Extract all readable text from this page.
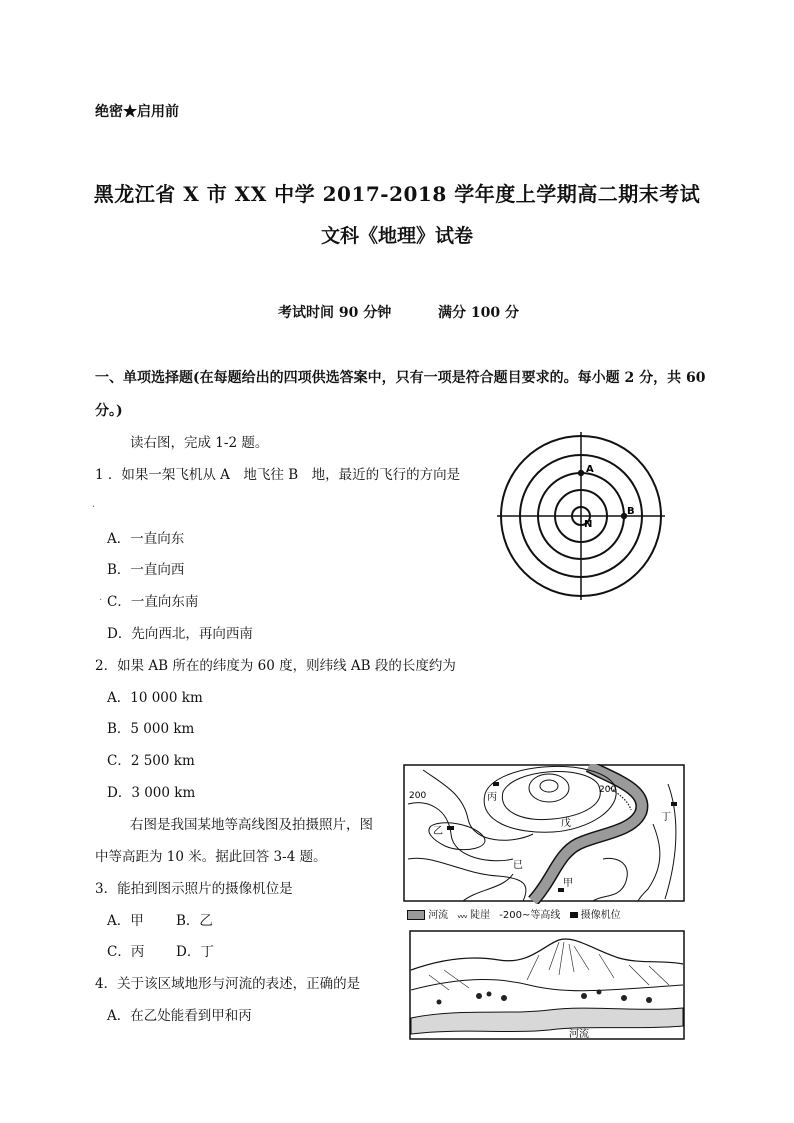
绝密★启用前
黑龙江省 X 市 XX 中学 2017-2018 学年度上学期高二期末考试
文科《地理》试卷
考试时间 90 分钟	满分 100 分
一、单项选择题(在每题给出的四项供选答案中，只有一项是符合题目要求的。每小题 2 分，共 60
分。)
读右图，完成 1-2 题。
1 ．如果一架飞机从 A　地飞往 B　地，最近的飞行的方向是
·
A．一直向东
B．一直向西
· C．一直向东南
D．先向西北，再向西南
2．如果 AB 所在的纬度为 60 度，则纬线 AB 段的长度约为
A．10 000 km
B．5 000 km
C．2 500 km
D．3 000 km
右图是我国某地等高线图及拍摄照片，图
中等高距为 10 米。据此回答 3-4 题。
3．能拍到图示照片的摄像机位是
A．甲 B．乙
C．丙 D．丁
4．关于该区域地形与河流的表述，正确的是
A．在乙处能看到甲和丙
A
B
N
200
200
丙
戊
丁
乙
甲
已
河流 ᵥᵥᵥ 陡崖 -200~等高线 摄像机位
河流
